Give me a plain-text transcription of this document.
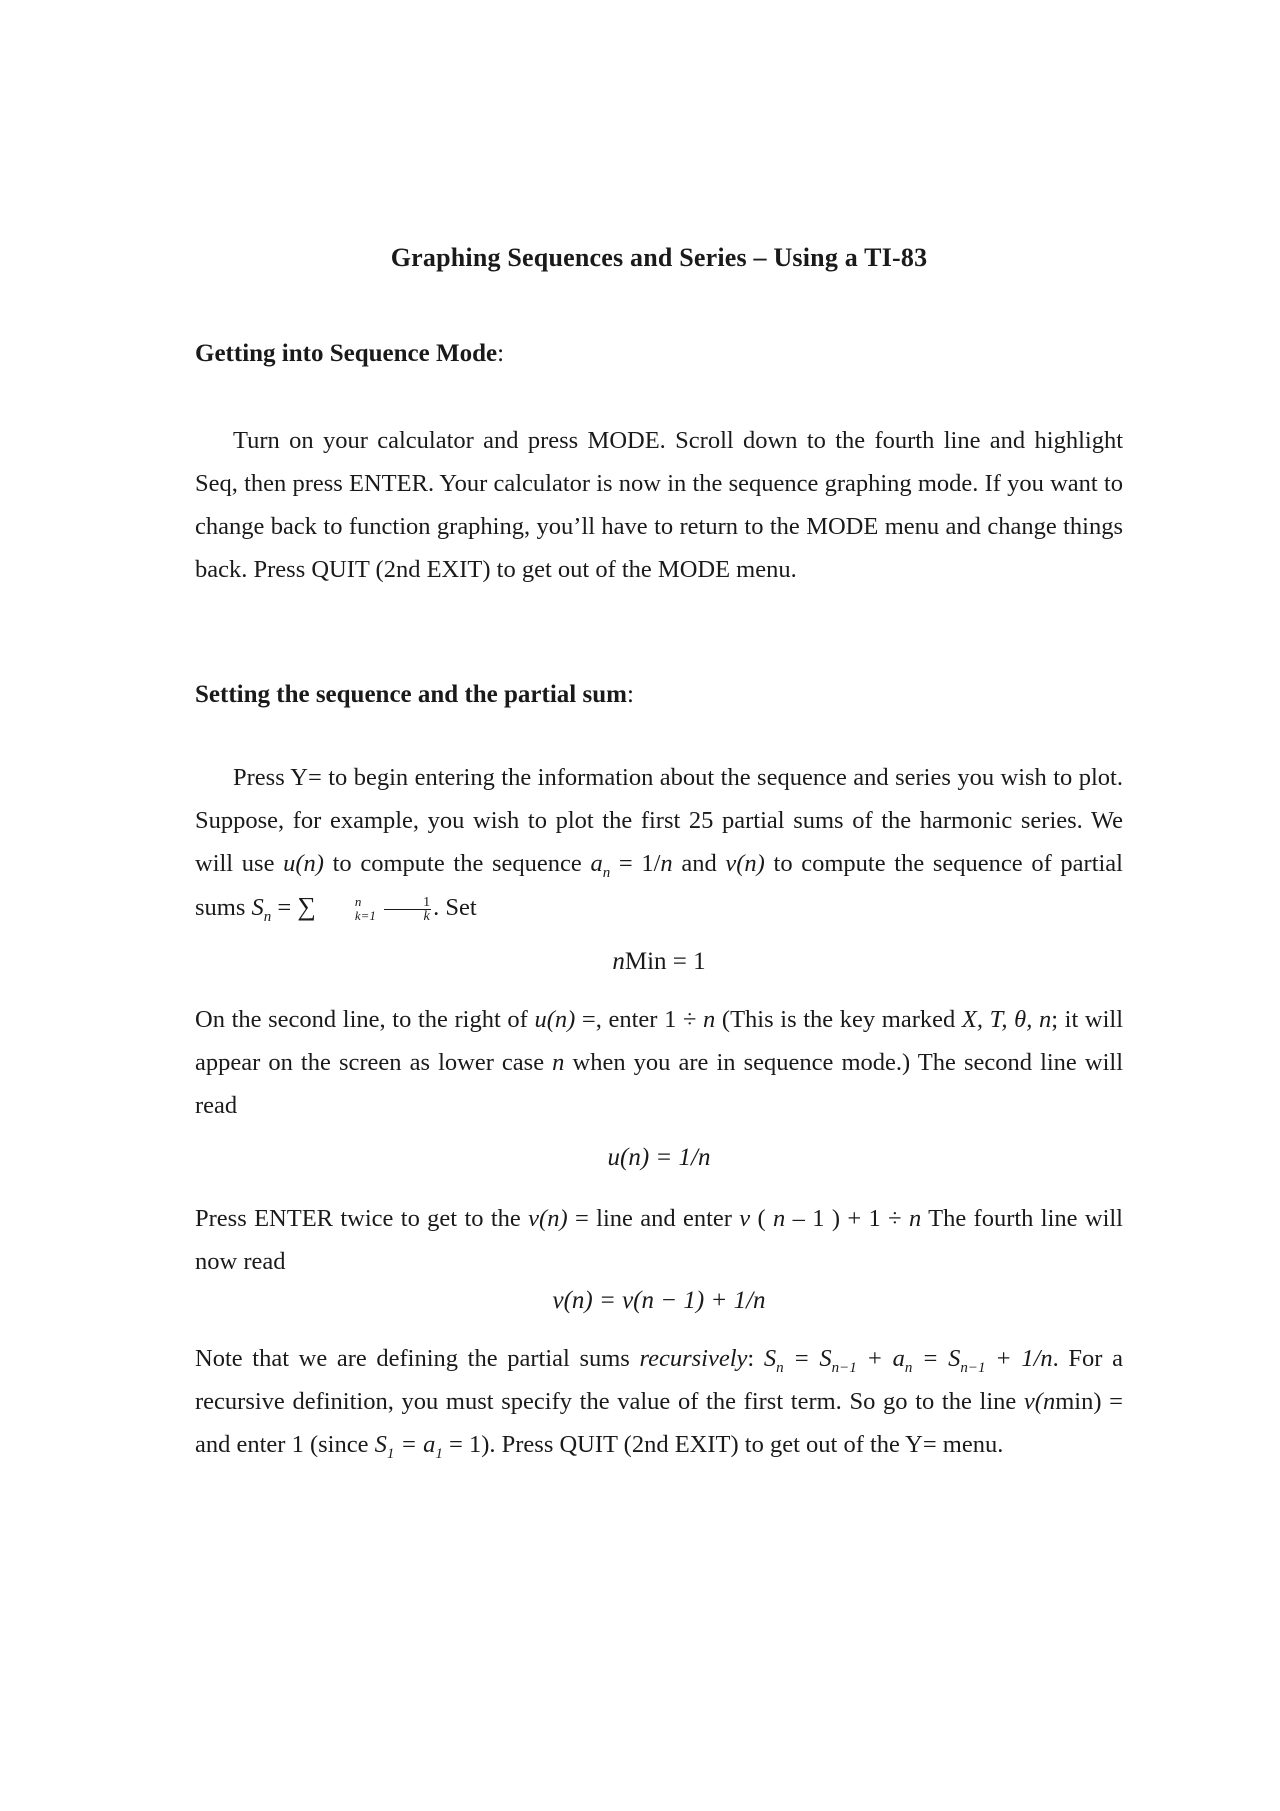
Graphing Sequences and Series – Using a TI-83
Getting into Sequence Mode:

Turn on your calculator and press MODE. Scroll down to the fourth line and highlight Seq, then press ENTER. Your calculator is now in the sequence graphing mode. If you want to change back to function graphing, you’ll have to return to the MODE menu and change things back. Press QUIT (2nd EXIT) to get out of the MODE menu.

Setting the sequence and the partial sum:

Press Y= to begin entering the information about the sequence and series you wish to plot. Suppose, for example, you wish to plot the first 25 partial sums of the harmonic series. We will use u(n) to compute the sequence $a_n = 1/n$ and v(n) to compute the sequence of partial sums $S_n$ = ∑	n
k=1
$\frac{1}{k}$ . Set

nMin = 1

On the second line, to the right of u(n) =, enter 1 ÷ n (This is the key marked X, T, θ, n; it will appear on the screen as lower case n when you are in sequence mode.) The second line will read

u(n) = 1/n

Press ENTER twice to get to the v(n) = line and enter v ( n – 1 ) + 1 ÷ n The fourth line will now read

v(n) = v(n − 1) + 1/n

Note that we are defining the partial sums recursively: $S_n = S_{n-1} + a_n = S_{n-1} + 1/n$. For a recursive definition, you must specify the value of the first term. So go to the line v(nmin) = and enter 1 (since $S_1 = a_1 = 1$). Press QUIT (2nd EXIT) to get out of the Y= menu.
